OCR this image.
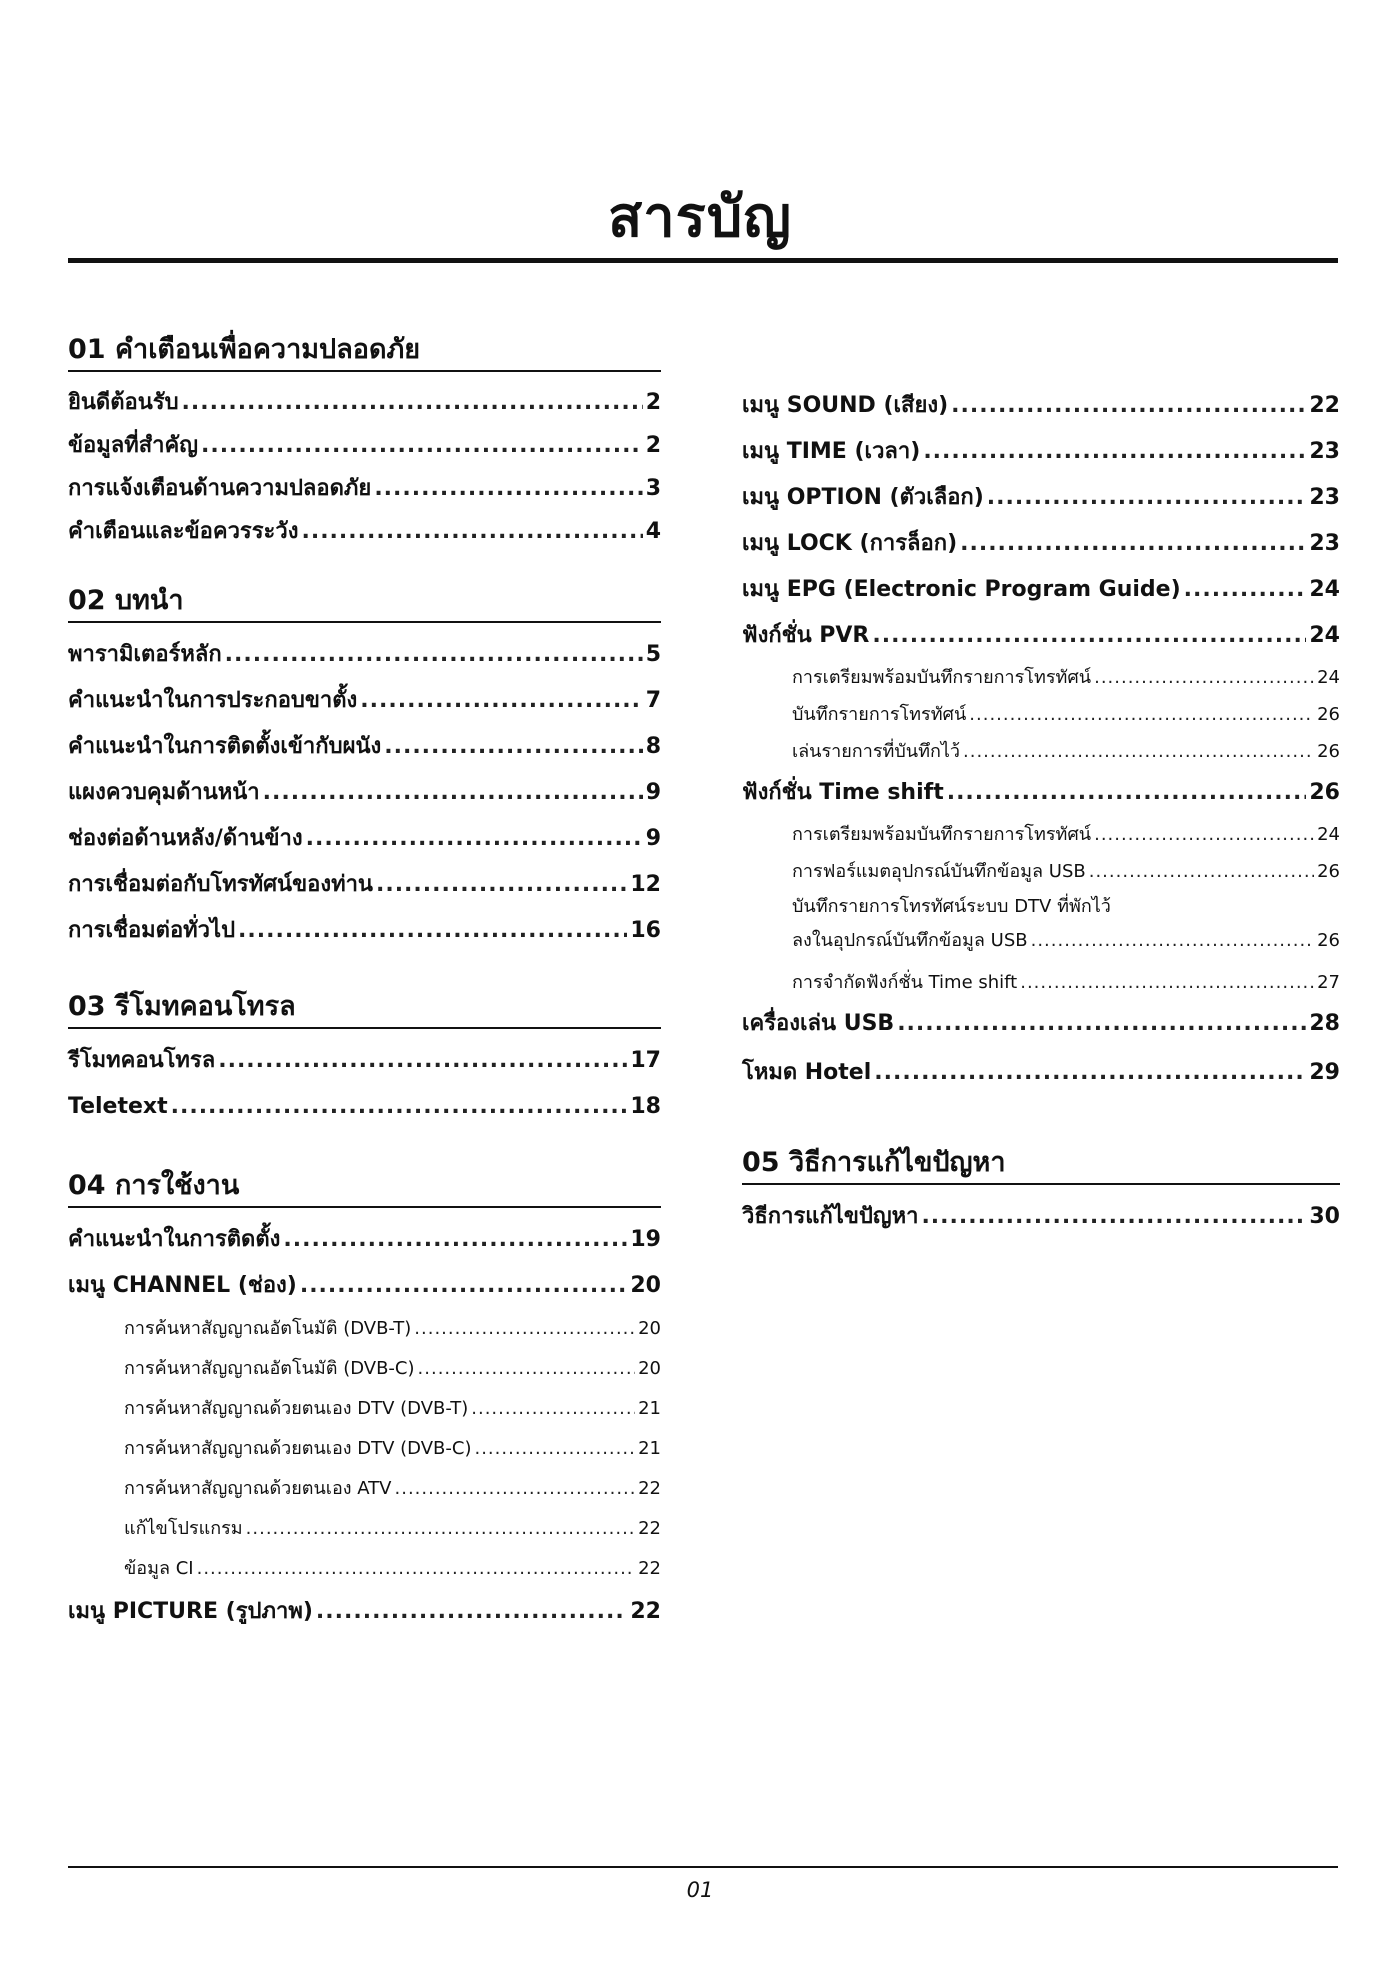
สารบัญ
01 คำเตือนเพื่อความปลอดภัย
ยินดีต้อนรับ .....	2
ข้อมูลที่สำคัญ .....	2
การแจ้งเตือนด้านความปลอดภัย .....	3
คำเตือนและข้อควรระวัง .....	4
02 บทนำ
พารามิเตอร์หลัก .....	5
คำแนะนำในการประกอบขาตั้ง .....	7
คำแนะนำในการติดตั้งเข้ากับผนัง .....	8
แผงควบคุมด้านหน้า .....	9
ช่องต่อด้านหลัง/ด้านข้าง .....	9
การเชื่อมต่อกับโทรทัศน์ของท่าน .....	12
การเชื่อมต่อทั่วไป .....	16
03 รีโมทคอนโทรล
รีโมทคอนโทรล .....	17
Teletext .....	18
04 การใช้งาน
คำแนะนำในการติดตั้ง .....	19
เมนู CHANNEL (ช่อง) .....	20
การค้นหาสัญญาณอัตโนมัติ (DVB-T) .....	20
การค้นหาสัญญาณอัตโนมัติ (DVB-C) .....	20
การค้นหาสัญญาณด้วยตนเอง DTV (DVB-T) .....	21
การค้นหาสัญญาณด้วยตนเอง DTV (DVB-C) .....	21
การค้นหาสัญญาณด้วยตนเอง ATV .....	22
แก้ไขโปรแกรม .....	22
ข้อมูล CI .....	22
เมนู PICTURE (รูปภาพ) .....	22
เมนู SOUND (เสียง) .....	22
เมนู TIME (เวลา) .....	23
เมนู OPTION (ตัวเลือก) .....	23
เมนู LOCK (การล็อก) .....	23
เมนู EPG (Electronic Program Guide) .....	24
ฟังก์ชั่น PVR .....	24
การเตรียมพร้อมบันทึกรายการโทรทัศน์ .....	24
บันทึกรายการโทรทัศน์ .....	26
เล่นรายการที่บันทึกไว้ .....	26
ฟังก์ชั่น Time shift .....	26
การเตรียมพร้อมบันทึกรายการโทรทัศน์ .....	24
การฟอร์แมตอุปกรณ์บันทึกข้อมูล USB .....	26
บันทึกรายการโทรทัศน์ระบบ DTV ที่พักไว้
ลงในอุปกรณ์บันทึกข้อมูล USB .....	26
การจำกัดฟังก์ชั่น Time shift .....	27
เครื่องเล่น USB .....	28
โหมด Hotel .....	29
05 วิธีการแก้ไขปัญหา
วิธีการแก้ไขปัญหา .....	30
01
